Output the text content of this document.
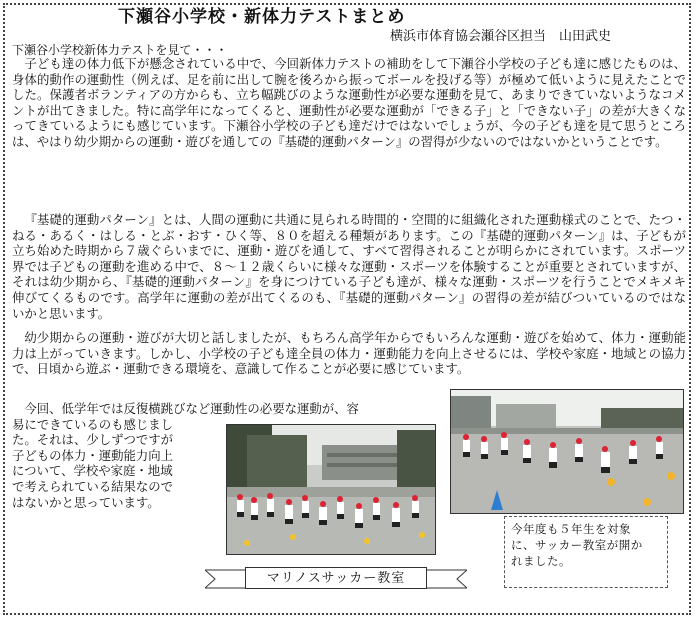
下瀬谷小学校・新体力テストまとめ
横浜市体育協会瀬谷区担当　山田武史
下瀬谷小学校新体力テストを見て・・・

子ども達の体力低下が懸念されている中で、今回新体力テストの補助をして下瀬谷小学校の子ども達に感じたものは、身体的動作の運動性（例えば、足を前に出して腕を後ろから振ってボールを投げる等）が極めて低いように見えたことでした。保護者ボランティアの方からも、立ち幅跳びのような運動性が必要な運動を見て、あまりできていないようなコメントが出てきました。特に高学年になってくると、運動性が必要な運動が「できる子」と「できない子」の差が大きくなってきているようにも感じています。下瀬谷小学校の子ども達だけではないでしょうが、今の子ども達を見て思うところは、やはり幼少期からの運動・遊びを通しての『基礎的運動パターン』の習得が少ないのではないかということです。

『基礎的運動パターン』とは、人間の運動に共通に見られる時間的・空間的に組織化された運動様式のことで、たつ・ねる・あるく・はしる・とぶ・おす・ひく等、８０を超える種類があります。この『基礎的運動パターン』は、子どもが立ち始めた時期から７歳ぐらいまでに、運動・遊びを通して、すべて習得されることが明らかにされています。スポーツ界では子どもの運動を進める中で、８～１２歳くらいに様々な運動・スポーツを体験することが重要とされていますが、それは幼少期から、『基礎的運動パターン』を身につけている子ども達が、様々な運動・スポーツを行うことでメキメキ伸びてくるものです。高学年に運動の差が出てくるのも、『基礎的運動パターン』の習得の差が結びついているのではないかと思います。

幼少期からの運動・遊びが大切と話しましたが、もちろん高学年からでもいろんな運動・遊びを始めて、体力・運動能力は上がっていきます。しかし、小学校の子ども達全員の体力・運動能力を向上させるには、学校や家庭・地域との協力で、日頃から遊ぶ・運動できる環境を、意識して作ることが必要に感じています。

今回、低学年では反復横跳びなど運動性の必要な運動が、容
易にできているのも感じまし
た。それは、少しずつですが
子どもの体力・運動能力向上
について、学校や家庭・地域
で考えられている結果なので
はないかと思っています。

今年度も５年生を対象
に、サッカー教室が開か
れました。
マリノスサッカー教室
